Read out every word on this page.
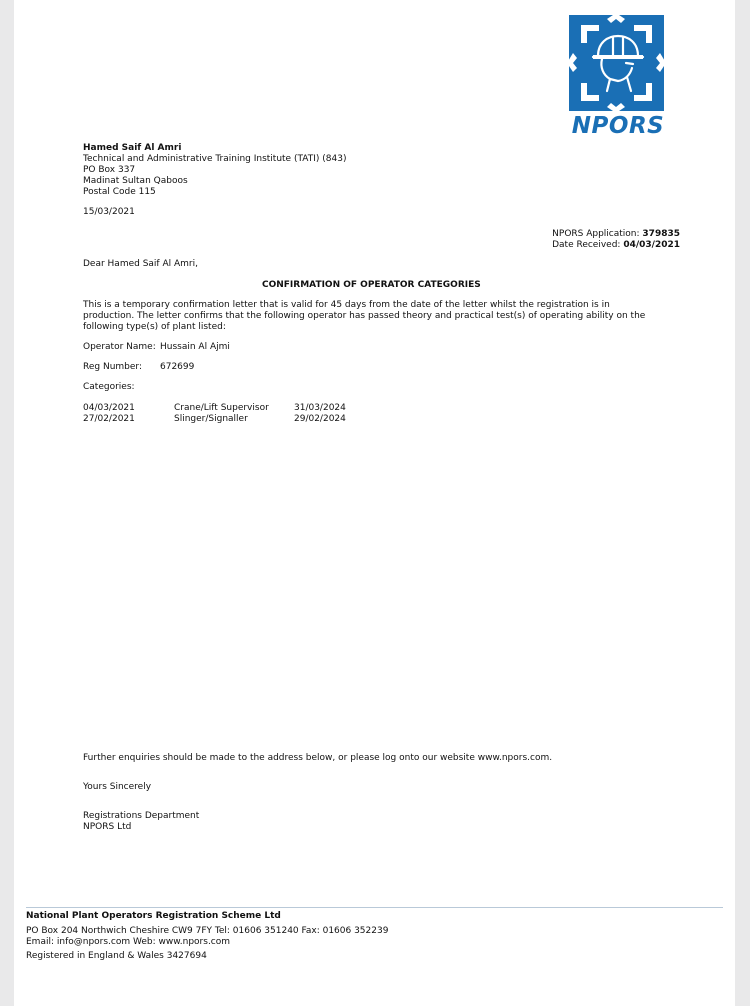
NPORS
Hamed Saif Al Amri
Technical and Administrative Training Institute (TATI) (843)
PO Box 337
Madinat Sultan Qaboos
Postal Code 115
15/03/2021
NPORS Application: 379835
Date Received: 04/03/2021
Dear Hamed Saif Al Amri,
CONFIRMATION OF OPERATOR CATEGORIES
This is a temporary confirmation letter that is valid for 45 days from the date of the letter whilst the registration is in
production. The letter confirms that the following operator has passed theory and practical test(s) of operating ability on the
following type(s) of plant listed:
Operator Name: Hussain Al Ajmi
Reg Number: 672699
Categories:
04/03/2021	Crane/Lift Supervisor	31/03/2024
27/02/2021	Slinger/Signaller	29/02/2024
Further enquiries should be made to the address below, or please log onto our website www.npors.com.
Yours Sincerely
Registrations Department
NPORS Ltd
National Plant Operators Registration Scheme Ltd
PO Box 204 Northwich Cheshire CW9 7FY Tel: 01606 351240 Fax: 01606 352239
Email: info@npors.com Web: www.npors.com
Registered in England & Wales 3427694
